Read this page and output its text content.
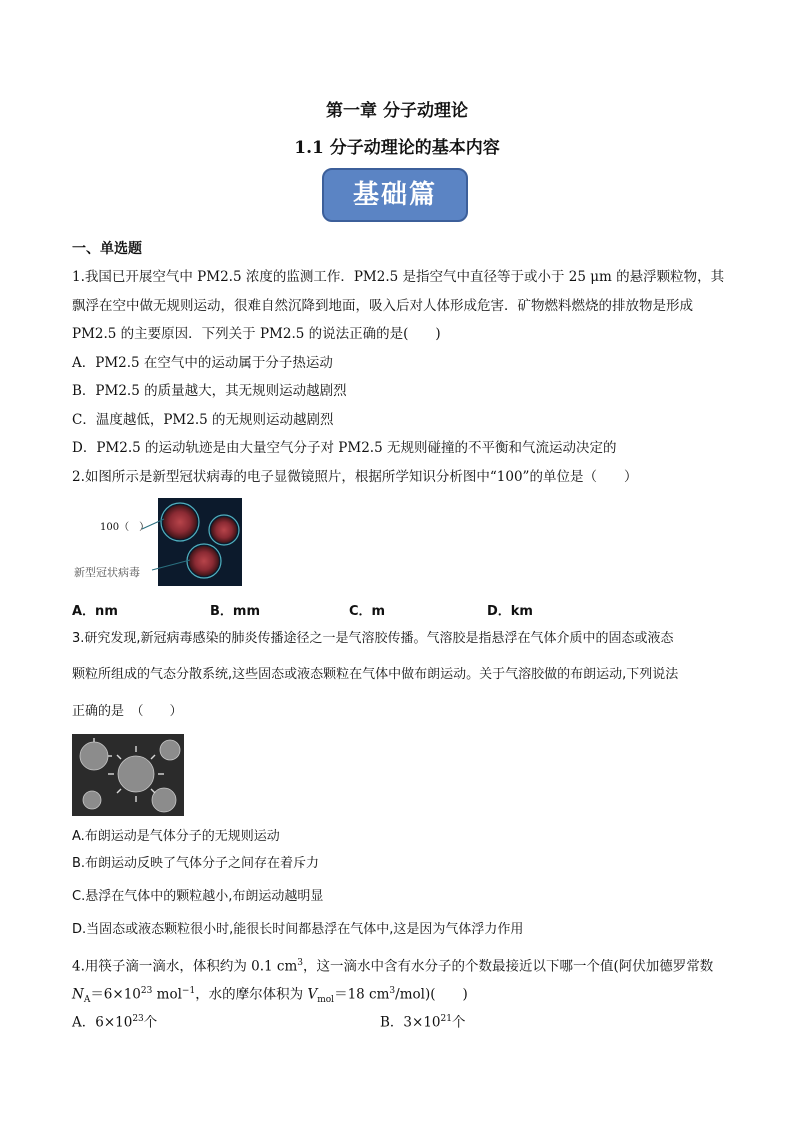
第一章 分子动理论
1.1 分子动理论的基本内容
基础篇
一、单选题
1.我国已开展空气中 PM2.5 浓度的监测工作．PM2.5 是指空气中直径等于或小于 25 μm 的悬浮颗粒物，其
飘浮在空中做无规则运动，很难自然沉降到地面，吸入后对人体形成危害．矿物燃料燃烧的排放物是形成
PM2.5 的主要原因．下列关于 PM2.5 的说法正确的是(　　)
A．PM2.5 在空气中的运动属于分子热运动
B．PM2.5 的质量越大，其无规则运动越剧烈
C．温度越低，PM2.5 的无规则运动越剧烈
D．PM2.5 的运动轨迹是由大量空气分子对 PM2.5 无规则碰撞的不平衡和气流运动决定的
2.如图所示是新型冠状病毒的电子显微镜照片，根据所学知识分析图中“100”的单位是（　　）
100（　）
新型冠状病毒
A．nm	B．mm	C．m	D．km
3.研究发现,新冠病毒感染的肺炎传播途径之一是气溶胶传播。气溶胶是指悬浮在气体介质中的固态或液态
颗粒所组成的气态分散系统,这些固态或液态颗粒在气体中做布朗运动。关于气溶胶做的布朗运动,下列说法
正确的是　（　　）
A.布朗运动是气体分子的无规则运动
B.布朗运动反映了气体分子之间存在着斥力
C.悬浮在气体中的颗粒越小,布朗运动越明显
D.当固态或液态颗粒很小时,能很长时间都悬浮在气体中,这是因为气体浮力作用
4.用筷子滴一滴水，体积约为 0.1 $cm^3$，这一滴水中含有水分子的个数最接近以下哪一个值(阿伏加德罗常数
$N_A=6\times 10^{23}$ mol$^{-1}$，水的摩尔体积为 $V_{mol}=18$ $cm^3/mol$)(　　)
A．$6\times 10^{23}$个	B．$3\times 10^{21}$个
